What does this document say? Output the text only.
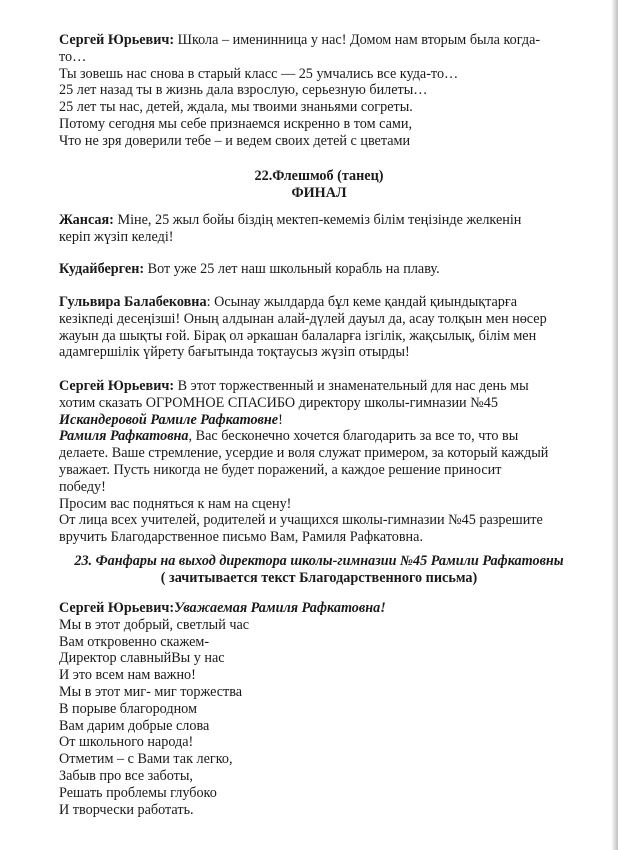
Сергей Юрьевич: Школа – именинница у нас! Домом нам вторым была когда-
то…
Ты зовешь нас снова в старый класс — 25 умчались все куда-то…
25 лет назад ты в жизнь дала взрослую, серьезную билеты…
25 лет ты нас, детей, ждала, мы твоими знаньями согреты.
Потому сегодня мы себе признаемся искренно в том сами,
Что не зря доверили тебе – и ведем своих детей с цветами
22.Флешмоб (танец)
ФИНАЛ
Жансая: Міне, 25 жыл бойы біздің мектеп-кемеміз білім теңізінде желкенін
керіп жүзіп келеді!
Кудайберген: Вот уже 25 лет наш школьный корабль на плаву.
Гульвира Балабековна: Осынау жылдарда бұл кеме қандай қиындықтарға
кезікпеді десеңізші! Оның алдынан алай-дүлей дауыл да, асау толқын мен нөсер
жауын да шықты ғой. Бірақ ол әркашан балаларға ізгілік, жақсылық, білім мен
адамгершілік үйрету бағытында тоқтаусыз жүзіп отырды!
Сергей Юрьевич: В этот торжественный и знаменательный для нас день мы
хотим сказать ОГРОМНОЕ СПАСИБО директору школы-гимназии №45
Искандеровой Рамиле Рафкатовне!
Рамиля Рафкатовна, Вас бесконечно хочется благодарить за все то, что вы
делаете. Ваше стремление, усердие и воля служат примером, за который каждый
уважает. Пусть никогда не будет поражений, а каждое решение приносит
победу!
Просим вас подняться к нам на сцену!
От лица всех учителей, родителей и учащихся школы-гимназии №45 разрешите
вручить Благодарственное письмо Вам, Рамиля Рафкатовна.
23. Фанфары на выход директора школы-гимназии №45 Рамили Рафкатовны
( зачитывается текст Благодарственного письма)
Сергей Юрьевич:Уважаемая Рамиля Рафкатовна!
Мы в этот добрый, светлый час
Вам откровенно скажем-
Директор славныйВы у нас
И это всем нам важно!
Мы в этот миг- миг торжества
В порыве благородном
Вам дарим добрые слова
От школьного народа!
Отметим – с Вами так легко,
Забыв про все заботы,
Решать проблемы глубоко
И творчески работать.
